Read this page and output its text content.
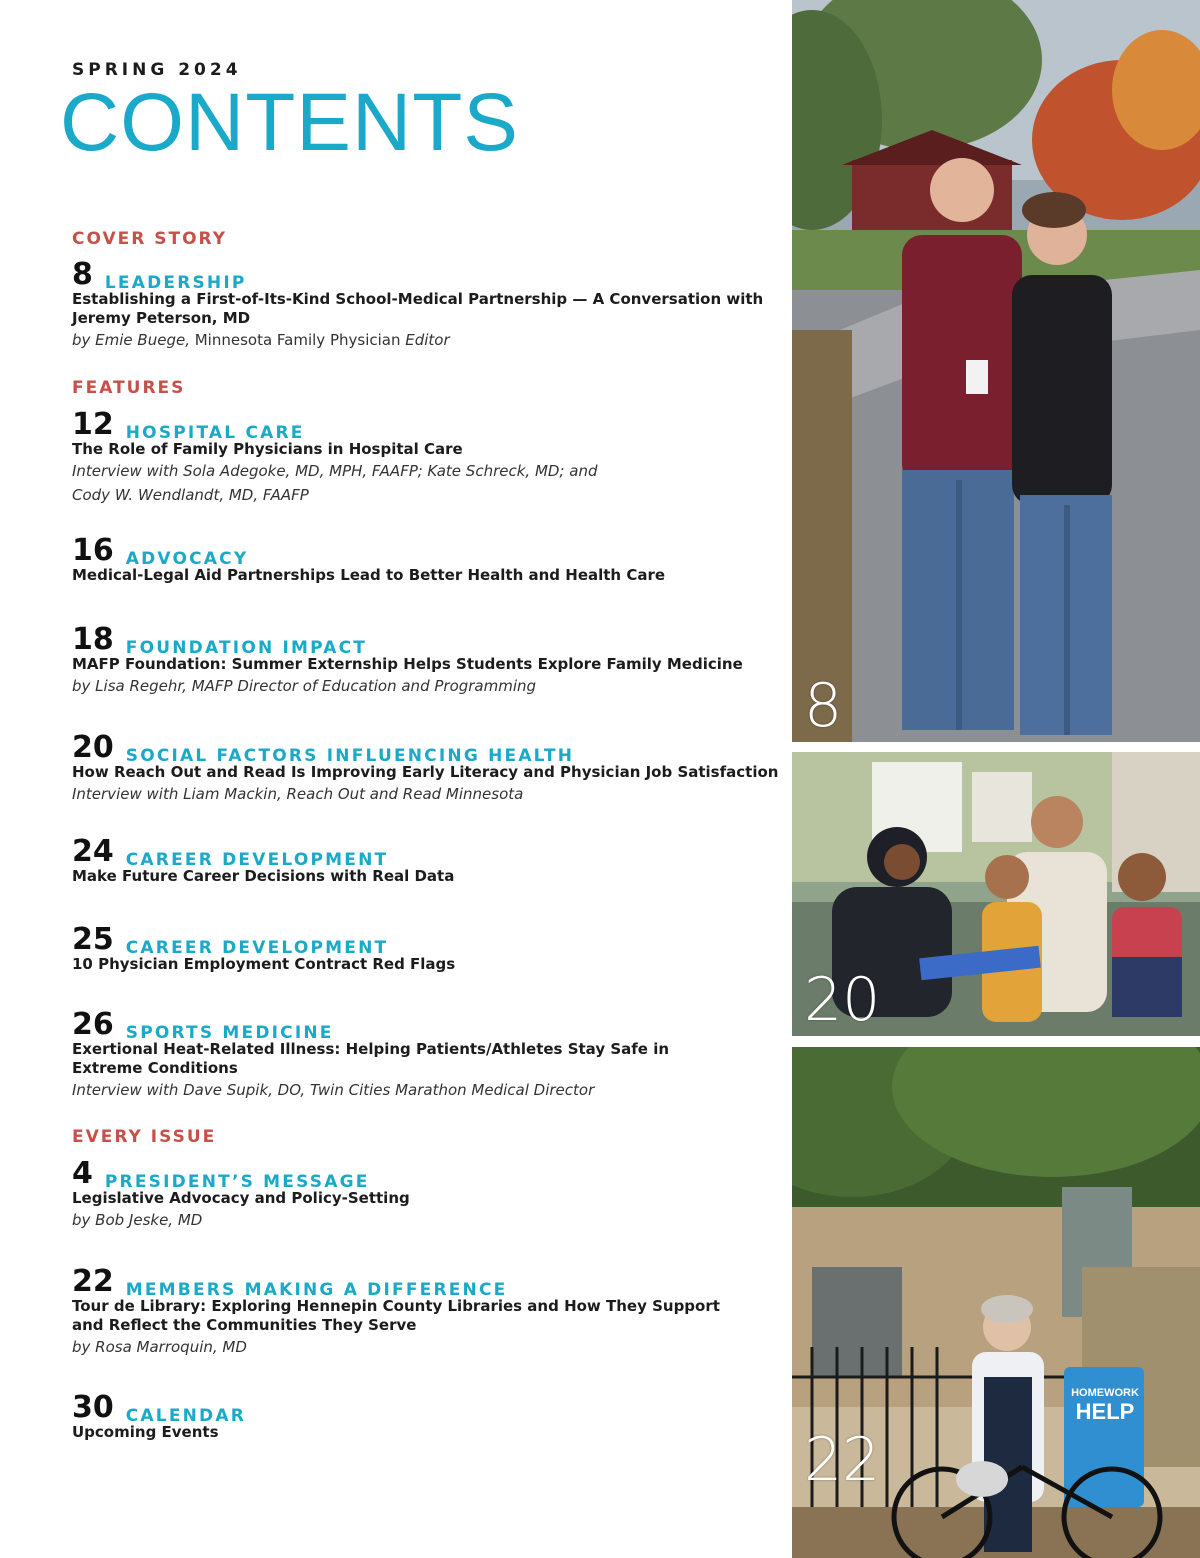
SPRING 2024
CONTENTS
COVER STORY
8 LEADERSHIP
Establishing a First-of-Its-Kind School-Medical Partnership — A Conversation with Jeremy Peterson, MD
by Emie Buege, Minnesota Family Physician Editor
FEATURES
12 HOSPITAL CARE
The Role of Family Physicians in Hospital Care
Interview with Sola Adegoke, MD, MPH, FAAFP; Kate Schreck, MD; and
Cody W. Wendlandt, MD, FAAFP
16 ADVOCACY
Medical-Legal Aid Partnerships Lead to Better Health and Health Care
18 FOUNDATION IMPACT
MAFP Foundation: Summer Externship Helps Students Explore Family Medicine
by Lisa Regehr, MAFP Director of Education and Programming
20 SOCIAL FACTORS INFLUENCING HEALTH
How Reach Out and Read Is Improving Early Literacy and Physician Job Satisfaction
Interview with Liam Mackin, Reach Out and Read Minnesota
24 CAREER DEVELOPMENT
Make Future Career Decisions with Real Data
25 CAREER DEVELOPMENT
10 Physician Employment Contract Red Flags
26 SPORTS MEDICINE
Exertional Heat-Related Illness: Helping Patients/Athletes Stay Safe in Extreme Conditions
Interview with Dave Supik, DO, Twin Cities Marathon Medical Director
EVERY ISSUE
4 PRESIDENT’S MESSAGE
Legislative Advocacy and Policy-Setting
by Bob Jeske, MD
22 MEMBERS MAKING A DIFFERENCE
Tour de Library: Exploring Hennepin County Libraries and How They Support and Reflect the Communities They Serve
by Rosa Marroquin, MD
30 CALENDAR
Upcoming Events
8
20
HOMEWORK
HELP
22
